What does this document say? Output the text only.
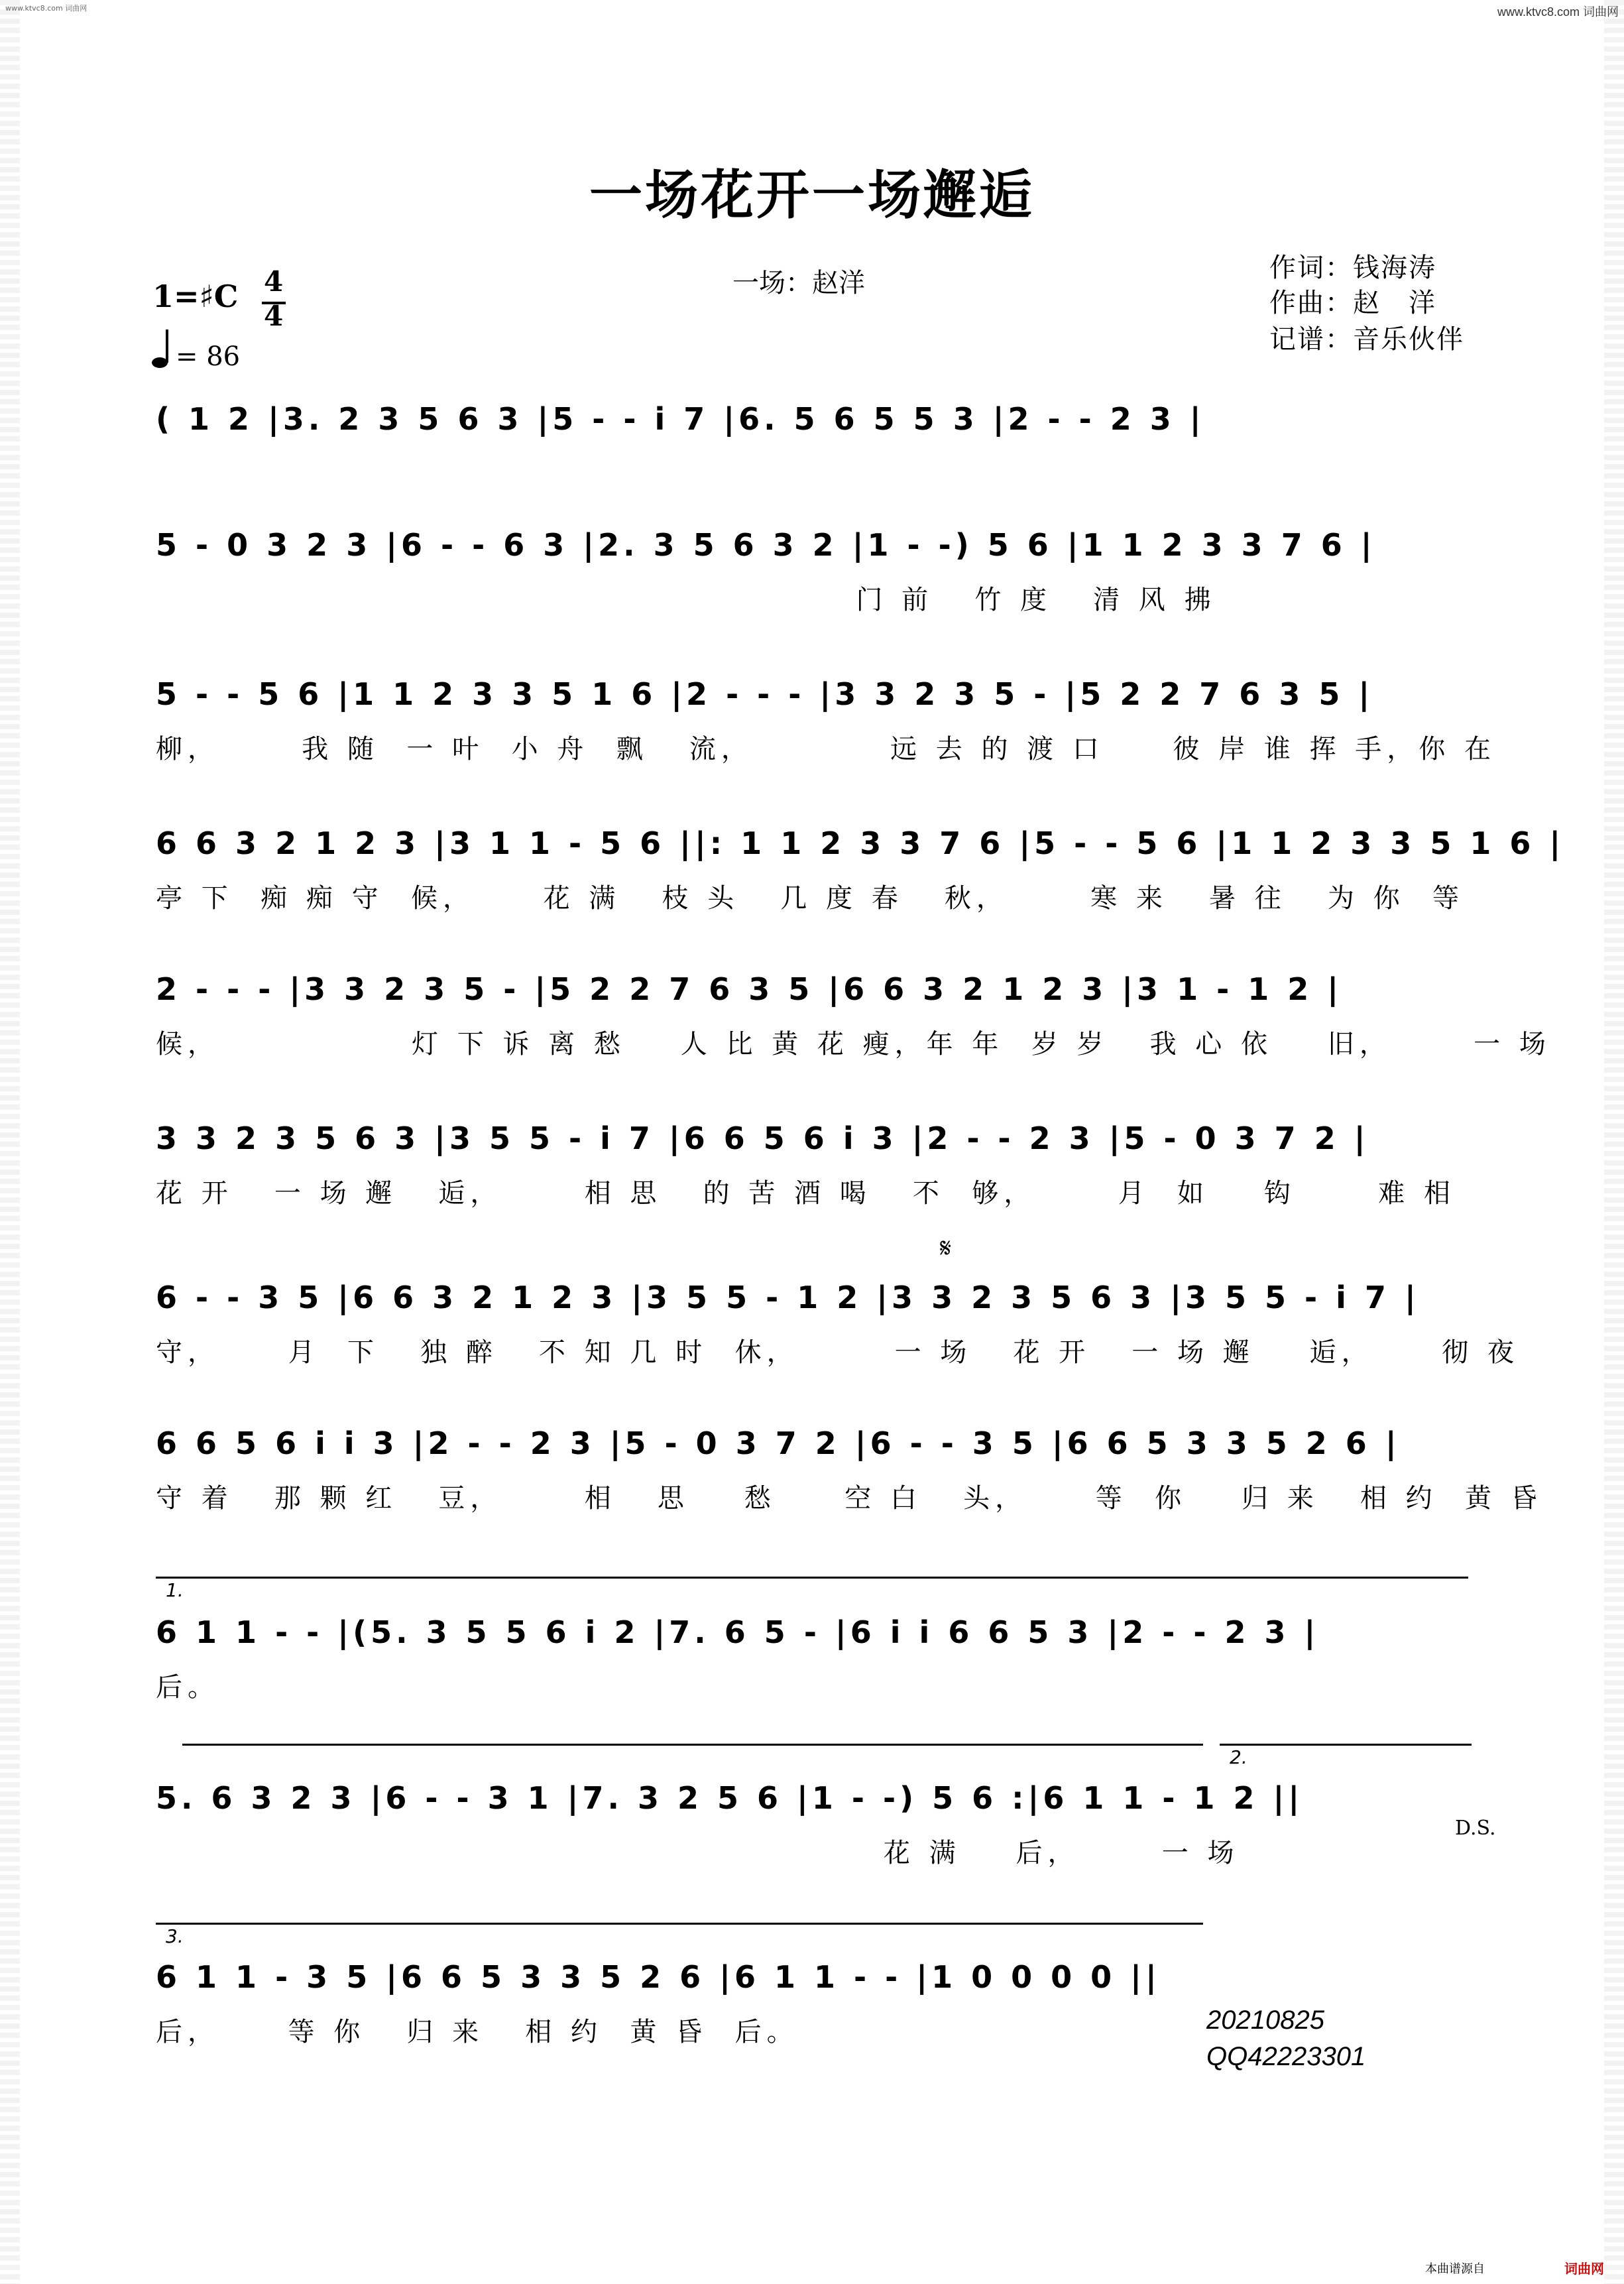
www.ktvc8.com 词曲网	www.ktvc8.com 词曲网
一场花开一场邂逅
一场：赵洋	作词：钱海涛
作曲：赵　洋
记谱：音乐伙伴
1=♯C 4
4
= 86
( 1 2 |3. 2 3 5 6 3 |5 - - i 7 |6. 5 6 5 5 3 |2 - - 2 3 |
5 - 0 3 2 3 |6 - - 6 3 |2. 3 5 6 3 2 |1 - -) 5 6 |1 1 2 3 3 7 6 |
门 前   竹 度   清 风 拂
5 - - 5 6 |1 1 2 3 3 5 1 6 |2 - - - |3 3 2 3 5 - |5 2 2 7 6 3 5 |
柳，      我 随  一 叶  小 舟  飘   流，          远 去 的 渡 口     彼 岸 谁 挥 手，你 在
6 6 3 2 1 2 3 |3 1 1 - 5 6 ||: 1 1 2 3 3 7 6 |5 - - 5 6 |1 1 2 3 3 5 1 6 |
亭 下  痴 痴 守  候，     花 满   枝 头   几 度 春   秋，      寒 来   暑 往   为 你  等
2 - - - |3 3 2 3 5 - |5 2 2 7 6 3 5 |6 6 3 2 1 2 3 |3 1 - 1 2 |
候，              灯 下 诉 离 愁    人 比 黄 花 瘦，年 年  岁 岁   我 心 依    旧，      一 场
3 3 2 3 5 6 3 |3 5 5 - i 7 |6 6 5 6 i 3 |2 - - 2 3 |5 - 0 3 7 2 |
花 开   一 场 邂   逅，      相 思   的 苦 酒 喝   不  够，      月  如    钩      难 相
𝄋
6 - - 3 5 |6 6 3 2 1 2 3 |3 5 5 - 1 2 |3 3 2 3 5 6 3 |3 5 5 - i 7 |
守，     月  下   独 醉   不 知 几 时  休，       一 场   花 开   一 场 邂    逅，     彻 夜
6 6 5 6 i i 3 |2 - - 2 3 |5 - 0 3 7 2 |6 - - 3 5 |6 6 5 3 3 5 2 6 |
守 着   那 颗 红   豆，      相   思    愁     空 白   头，     等  你    归 来   相 约  黄 昏
1.
6 1 1 - - |(5. 3 5 5 6 i 2 |7. 6 5 - |6 i i 6 6 5 3 |2 - - 2 3 |
后。
2.
5. 6 3 2 3 |6 - - 3 1 |7. 3 2 5 6 |1 - -) 5 6 :|6 1 1 - 1 2 ||
花 满    后，      一 场
D.S.
3.
6 1 1 - 3 5 |6 6 5 3 3 5 2 6 |6 1 1 - - |1 0 0 0 0 ||
后，     等 你   归 来   相 约  黄 昏  后。	20210825
QQ42223301
本曲谱源自	词曲网
